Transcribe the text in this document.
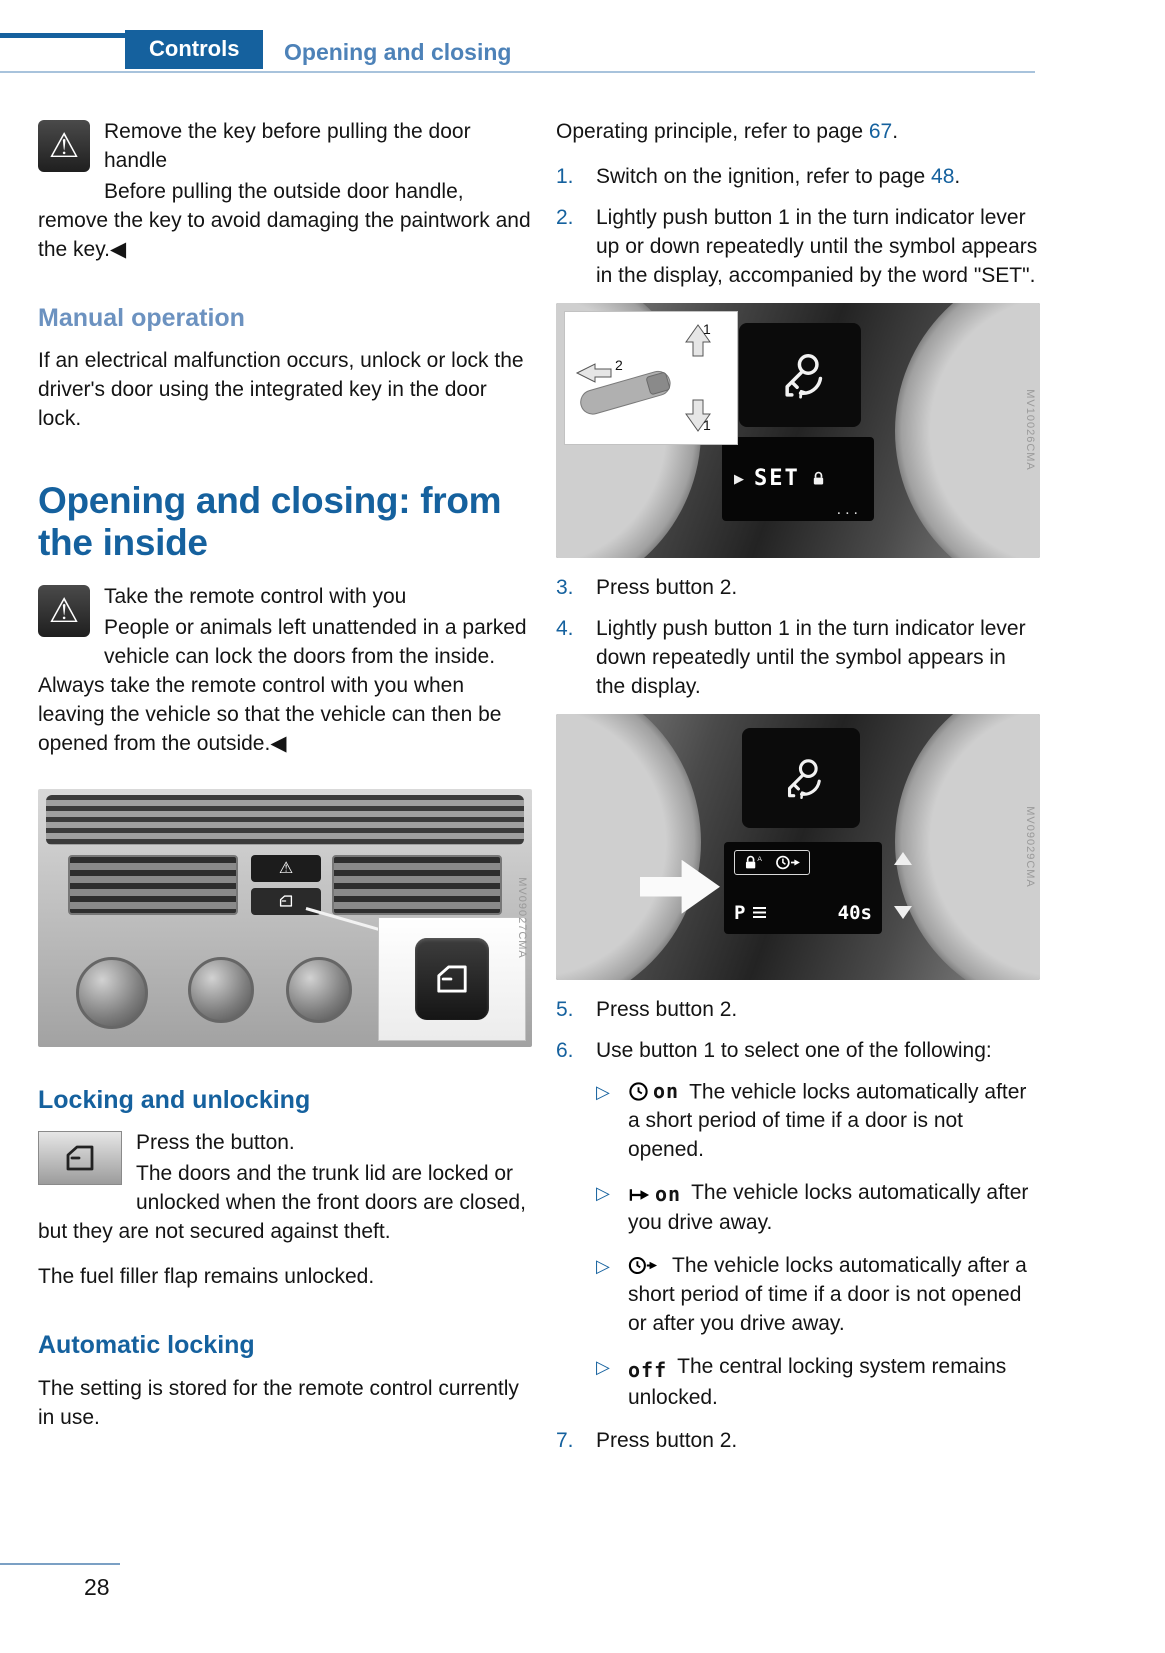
Controls	Opening and closing
⚠	Remove the key before pulling the door handle

Before pulling the outside door handle, remove the key to avoid damaging the paintwork and the key.◀

Manual operation

If an electrical malfunction occurs, unlock or lock the driver's door using the integrated key in the door lock.

Opening and closing: from the inside
⚠	Take the remote control with you

People or animals left unattended in a parked vehicle can lock the doors from the inside. Always take the remote control with you when leaving the vehicle so that the vehicle can then be opened from the outside.◀

⚠
MV09027CMA
Locking and unlocking

Press the button.

The doors and the trunk lid are locked or unlocked when the front doors are closed, but they are not secured against theft.

The fuel filler flap remains unlocked.

Automatic locking

The setting is stored for the remote control currently in use.

Operating principle, refer to page 67.

1.	Switch on the ignition, refer to page 48.
2.	Lightly push button 1 in the turn indicator lever up or down repeatedly until the symbol appears in the display, accompanied by the word "SET".
▶ SET
...
1
2
1	MV10026CMA
3.	Press button 2.
4.	Lightly push button 1 in the turn indicator lever down repeatedly until the symbol appears in the display.
A
P	40s
MV09029CMA
5.	Press button 2.
6.	Use button 1 to select one of the following:
▷	on The vehicle locks automatically after a short period of time if a door is not opened.
▷	on The vehicle locks automatically after you drive away.
▷	The vehicle locks automatically after a short period of time if a door is not opened or after you drive away.
▷ off The central locking system remains unlocked.
7.	Press button 2.
28
